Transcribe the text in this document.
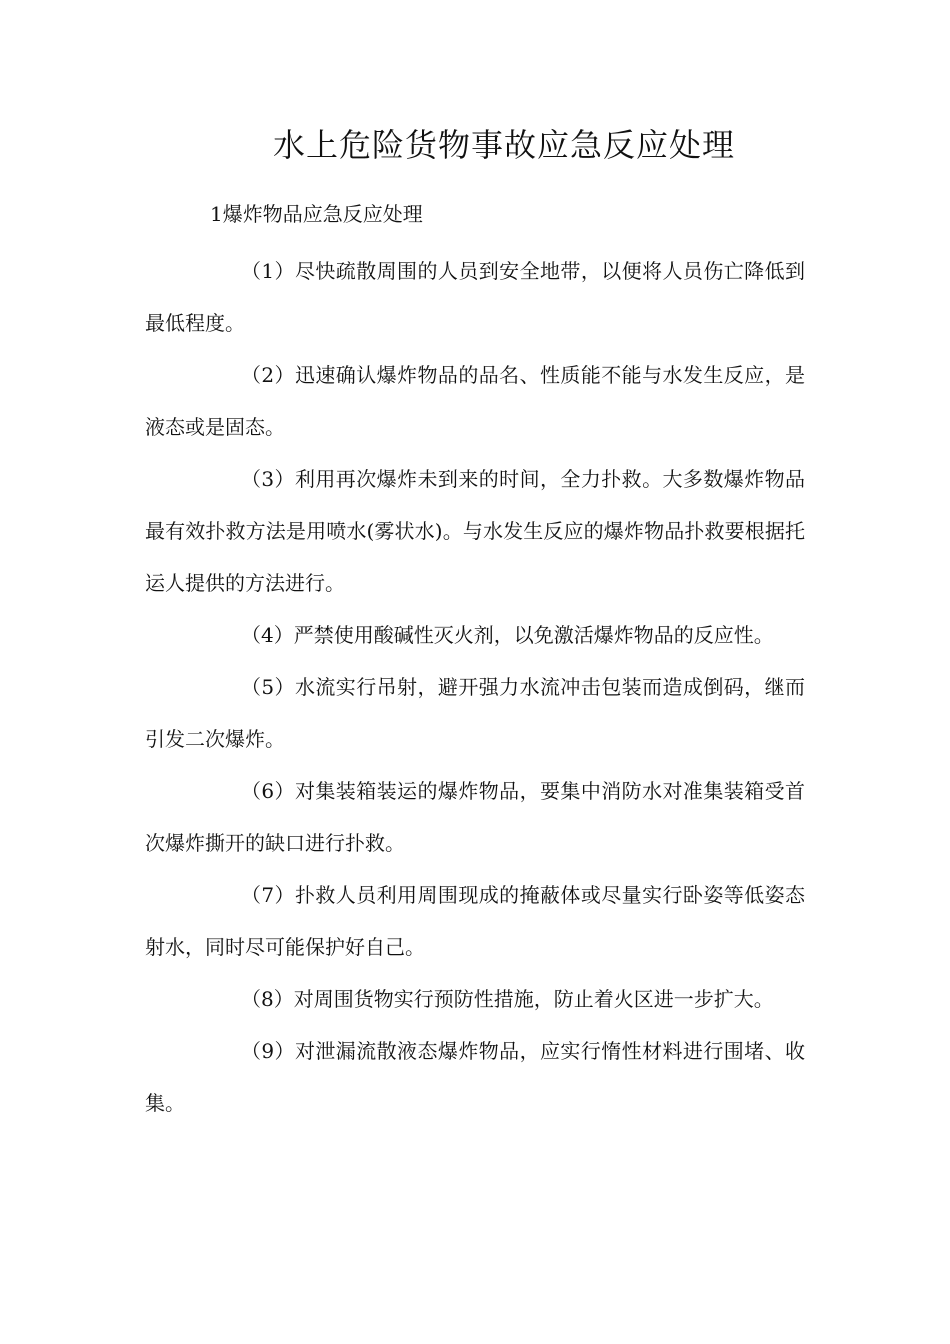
水上危险货物事故应急反应处理
1爆炸物品应急反应处理

（1）尽快疏散周围的人员到安全地带，以便将人员伤亡降低到最低程度。

（2）迅速确认爆炸物品的品名、性质能不能与水发生反应，是液态或是固态。

（3）利用再次爆炸未到来的时间，全力扑救。大多数爆炸物品最有效扑救方法是用喷水(雾状水)。与水发生反应的爆炸物品扑救要根据托运人提供的方法进行。

（4）严禁使用酸碱性灭火剂，以免激活爆炸物品的反应性。

（5）水流实行吊射，避开强力水流冲击包装而造成倒码，继而引发二次爆炸。

（6）对集装箱装运的爆炸物品，要集中消防水对准集装箱受首次爆炸撕开的缺口进行扑救。

（7）扑救人员利用周围现成的掩蔽体或尽量实行卧姿等低姿态射水，同时尽可能保护好自己。

（8）对周围货物实行预防性措施，防止着火区进一步扩大。

（9）对泄漏流散液态爆炸物品，应实行惰性材料进行围堵、收集。
